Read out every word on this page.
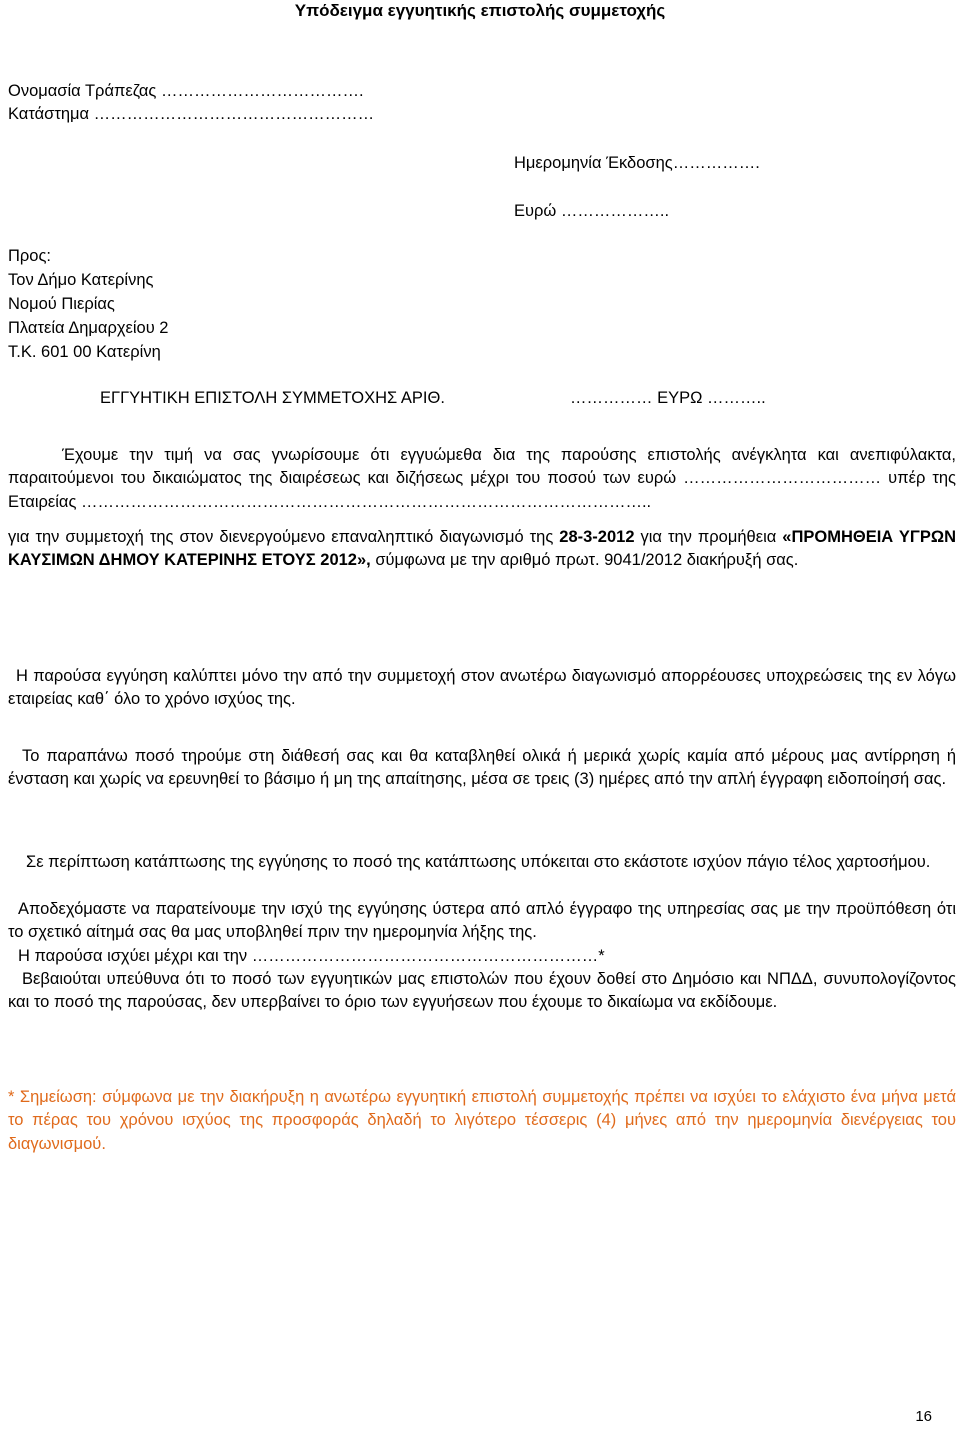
Υπόδειγμα εγγυητικής επιστολής συμμετοχής
Ονομασία Τράπεζας ……………………………….
Κατάστημα ……………………………………………
Ημερομηνία Έκδοσης…………….
Ευρώ ………………..
Προς:
Τον Δήμο Κατερίνης
Νομού Πιερίας
Πλατεία Δημαρχείου 2
Τ.Κ. 601 00 Κατερίνη
ΕΓΓΥΗΤΙΚΗ ΕΠΙΣΤΟΛΗ ΣΥΜΜΕΤΟΧΗΣ ΑΡΙΘ.	…………… ΕΥΡΩ ………..
Έχουμε την τιμή να σας γνωρίσουμε ότι εγγυώμεθα δια της παρούσης επιστολής ανέγκλητα και ανεπιφύλακτα, παραιτούμενοι του δικαιώματος της διαιρέσεως και διζήσεως μέχρι του ποσού των ευρώ ……………………………… υπέρ της Εταιρείας …………………………………………………………………………………………..
για την συμμετοχή της στον διενεργούμενο επαναληπτικό διαγωνισμό της 28-3-2012 για την προμήθεια «ΠΡΟΜΗΘΕΙΑ ΥΓΡΩΝ ΚΑΥΣΙΜΩΝ ΔΗΜΟΥ ΚΑΤΕΡΙΝΗΣ ΕΤΟΥΣ 2012», σύμφωνα με την αριθμό πρωτ. 9041/2012 διακήρυξή σας.
Η παρούσα εγγύηση καλύπτει μόνο την από την συμμετοχή στον ανωτέρω διαγωνισμό απορρέουσες υποχρεώσεις της εν λόγω εταιρείας καθ΄ όλο το χρόνο ισχύος της.
Το παραπάνω ποσό τηρούμε στη διάθεσή σας και θα καταβληθεί ολικά ή μερικά χωρίς καμία από μέρους μας αντίρρηση ή ένσταση και χωρίς να ερευνηθεί το βάσιμο ή μη της απαίτησης, μέσα σε τρεις (3) ημέρες από την απλή έγγραφη ειδοποίησή σας.
Σε περίπτωση κατάπτωσης της εγγύησης το ποσό της κατάπτωσης υπόκειται στο εκάστοτε ισχύον πάγιο τέλος χαρτοσήμου.
Αποδεχόμαστε να παρατείνουμε την ισχύ της εγγύησης ύστερα από απλό έγγραφο της υπηρεσίας σας με την προϋπόθεση ότι το σχετικό αίτημά σας θα μας υποβληθεί πριν την ημερομηνία λήξης της.
Η παρούσα ισχύει μέχρι και την ………………………………………………………*
Βεβαιούται υπεύθυνα ότι το ποσό των εγγυητικών μας επιστολών που έχουν δοθεί στο Δημόσιο και ΝΠΔΔ, συνυπολογίζοντος και το ποσό της παρούσας, δεν υπερβαίνει το όριο των εγγυήσεων που έχουμε το δικαίωμα να εκδίδουμε.
* Σημείωση: σύμφωνα με την διακήρυξη η ανωτέρω εγγυητική επιστολή συμμετοχής πρέπει να ισχύει το ελάχιστο ένα μήνα μετά το πέρας του χρόνου ισχύος της προσφοράς δηλαδή το λιγότερο τέσσερις (4) μήνες από την ημερομηνία διενέργειας του διαγωνισμού.
16
